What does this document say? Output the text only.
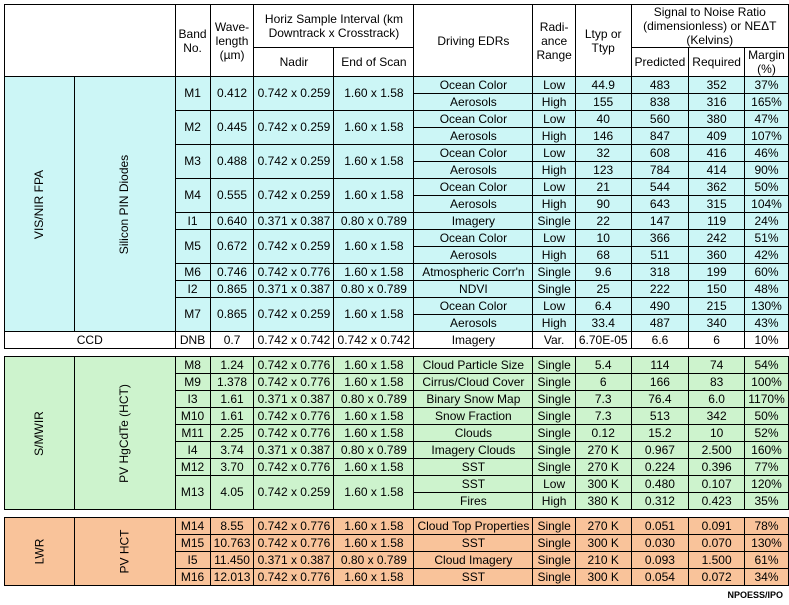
		Band No.	Wave-length (µm)	Horiz Sample Interval (km Downtrack x Crosstrack)		Driving EDRs	Radi-ance Range	Ltyp or Ttyp	Signal to Noise Ratio (dimensionless) or NEΔT (Kelvins)		

				Nadir	End of Scan				Predicted	Required	Margin (%)
VIS/NIR FPA	Silicon PIN Diodes	M1	0.412	0.742 x 0.259	1.60 x 1.58	Ocean Color	Low	44.9	483	352	37%
						Aerosols	High	155	838	316	165%
		M2	0.445	0.742 x 0.259	1.60 x 1.58	Ocean Color	Low	40	560	380	47%
						Aerosols	High	146	847	409	107%
		M3	0.488	0.742 x 0.259	1.60 x 1.58	Ocean Color	Low	32	608	416	46%
						Aerosols	High	123	784	414	90%
		M4	0.555	0.742 x 0.259	1.60 x 1.58	Ocean Color	Low	21	544	362	50%
						Aerosols	High	90	643	315	104%
		I1	0.640	0.371 x 0.387	0.80 x 0.789	Imagery	Single	22	147	119	24%
		M5	0.672	0.742 x 0.259	1.60 x 1.58	Ocean Color	Low	10	366	242	51%
						Aerosols	High	68	511	360	42%
		M6	0.746	0.742 x 0.776	1.60 x 1.58	Atmospheric Corr'n	Single	9.6	318	199	60%
		I2	0.865	0.371 x 0.387	0.80 x 0.789	NDVI	Single	25	222	150	48%
		M7	0.865	0.742 x 0.259	1.60 x 1.58	Ocean Color	Low	6.4	490	215	130%
						Aerosols	High	33.4	487	340	43%
CCD		DNB	0.7	0.742 x 0.742	0.742 x 0.742	Imagery	Var.	6.70E-05	6.6	6	10%

S/MWIR	PV HgCdTe (HCT)	M8	1.24	0.742 x 0.776	1.60 x 1.58	Cloud Particle Size	Single	5.4	114	74	54%
		M9	1.378	0.742 x 0.776	1.60 x 1.58	Cirrus/Cloud Cover	Single	6	166	83	100%
		I3	1.61	0.371 x 0.387	0.80 x 0.789	Binary Snow Map	Single	7.3	76.4	6.0	1170%
		M10	1.61	0.742 x 0.776	1.60 x 1.58	Snow Fraction	Single	7.3	513	342	50%
		M11	2.25	0.742 x 0.776	1.60 x 1.58	Clouds	Single	0.12	15.2	10	52%
		I4	3.74	0.371 x 0.387	0.80 x 0.789	Imagery Clouds	Single	270 K	0.967	2.500	160%
		M12	3.70	0.742 x 0.776	1.60 x 1.58	SST	Single	270 K	0.224	0.396	77%
		M13	4.05	0.742 x 0.259	1.60 x 1.58	SST	Low	300 K	0.480	0.107	120%
						Fires	High	380 K	0.312	0.423	35%

LWR	PV HCT	M14	8.55	0.742 x 0.776	1.60 x 1.58	Cloud Top Properties	Single	270 K	0.051	0.091	78%
		M15	10.763	0.742 x 0.776	1.60 x 1.58	SST	Single	300 K	0.030	0.070	130%
		I5	11.450	0.371 x 0.387	0.80 x 0.789	Cloud Imagery	Single	210 K	0.093	1.500	61%
		M16	12.013	0.742 x 0.776	1.60 x 1.58	SST	Single	300 K	0.054	0.072	34%
NPOESS/IPO
